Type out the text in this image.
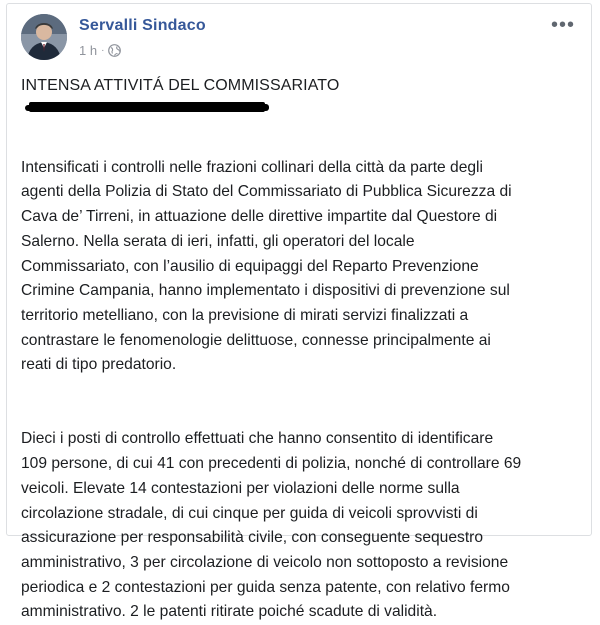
Servalli Sindaco
1 h ·
•••
INTENSA ATTIVITÁ DEL COMMISSARIATO

Intensificati i controlli nelle frazioni collinari della città da parte degli
agenti della Polizia di Stato del Commissariato di Pubblica Sicurezza di
Cava de’ Tirreni, in attuazione delle direttive impartite dal Questore di
Salerno. Nella serata di ieri, infatti, gli operatori del locale
Commissariato, con l’ausilio di equipaggi del Reparto Prevenzione
Crimine Campania, hanno implementato i dispositivi di prevenzione sul
territorio metelliano, con la previsione di mirati servizi finalizzati a
contrastare le fenomenologie delittuose, connesse principalmente ai
reati di tipo predatorio.

Dieci i posti di controllo effettuati che hanno consentito di identificare
109 persone, di cui 41 con precedenti di polizia, nonché di controllare 69
veicoli. Elevate 14 contestazioni per violazioni delle norme sulla
circolazione stradale, di cui cinque per guida di veicoli sprovvisti di
assicurazione per responsabilità civile, con conseguente sequestro
amministrativo, 3 per circolazione di veicolo non sottoposto a revisione
periodica e 2 contestazioni per guida senza patente, con relativo fermo
amministrativo. 2 le patenti ritirate poiché scadute di validità.
